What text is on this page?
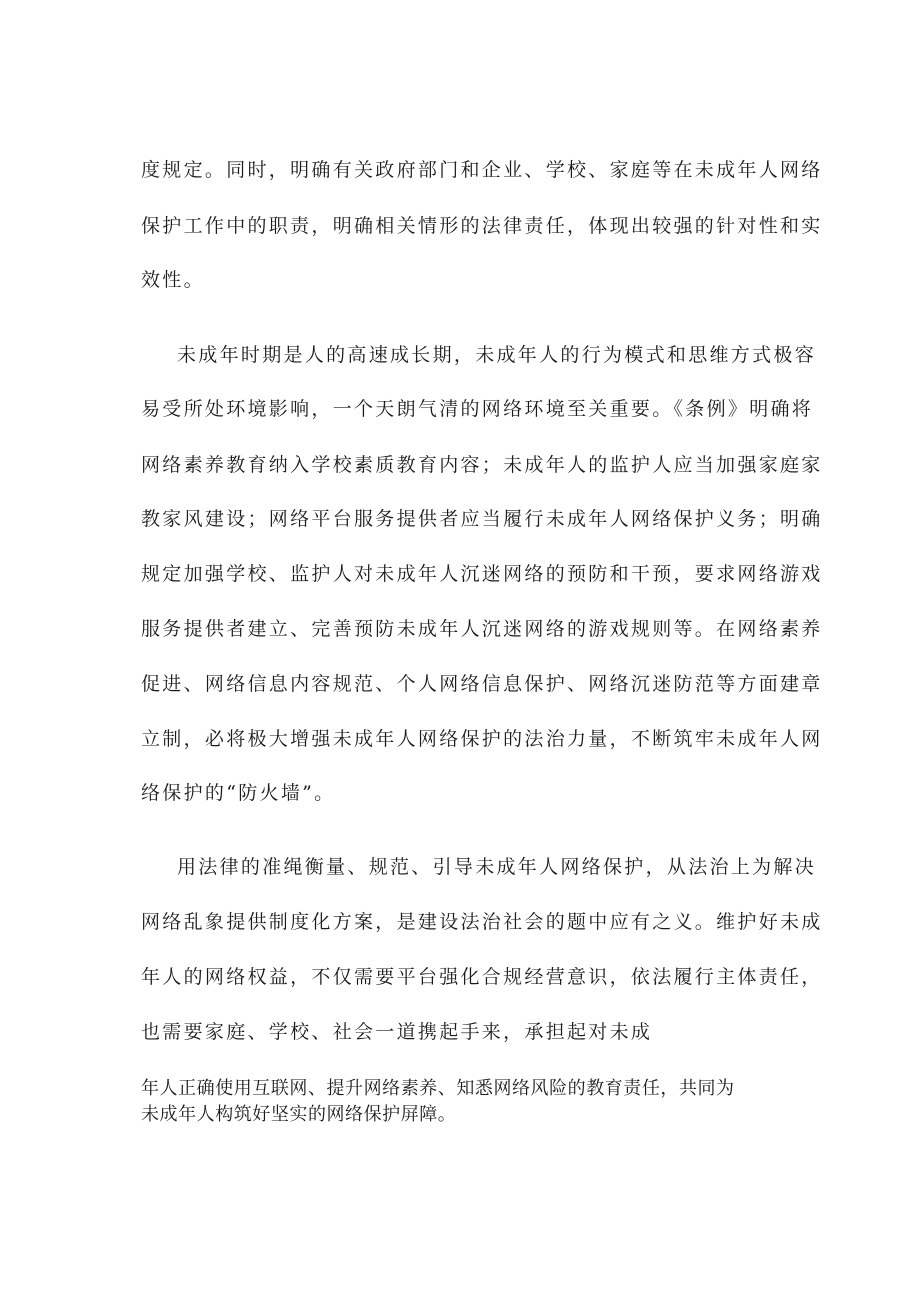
度规定。同时，明确有关政府部门和企业、学校、家庭等在未成年人网络
保护工作中的职责，明确相关情形的法律责任，体现出较强的针对性和实
效性。
未成年时期是人的高速成长期，未成年人的行为模式和思维方式极容
易受所处环境影响，一个天朗气清的网络环境至关重要。《条例》明确将
网络素养教育纳入学校素质教育内容；未成年人的监护人应当加强家庭家
教家风建设；网络平台服务提供者应当履行未成年人网络保护义务；明确
规定加强学校、监护人对未成年人沉迷网络的预防和干预，要求网络游戏
服务提供者建立、完善预防未成年人沉迷网络的游戏规则等。在网络素养
促进、网络信息内容规范、个人网络信息保护、网络沉迷防范等方面建章
立制，必将极大增强未成年人网络保护的法治力量，不断筑牢未成年人网
络保护的“防火墙”。
用法律的准绳衡量、规范、引导未成年人网络保护，从法治上为解决
网络乱象提供制度化方案，是建设法治社会的题中应有之义。维护好未成
年人的网络权益，不仅需要平台强化合规经营意识，依法履行主体责任，
也需要家庭、学校、社会一道携起手来，承担起对未成
年人正确使用互联网、提升网络素养、知悉网络风险的教育责任，共同为
未成年人构筑好坚实的网络保护屏障。
